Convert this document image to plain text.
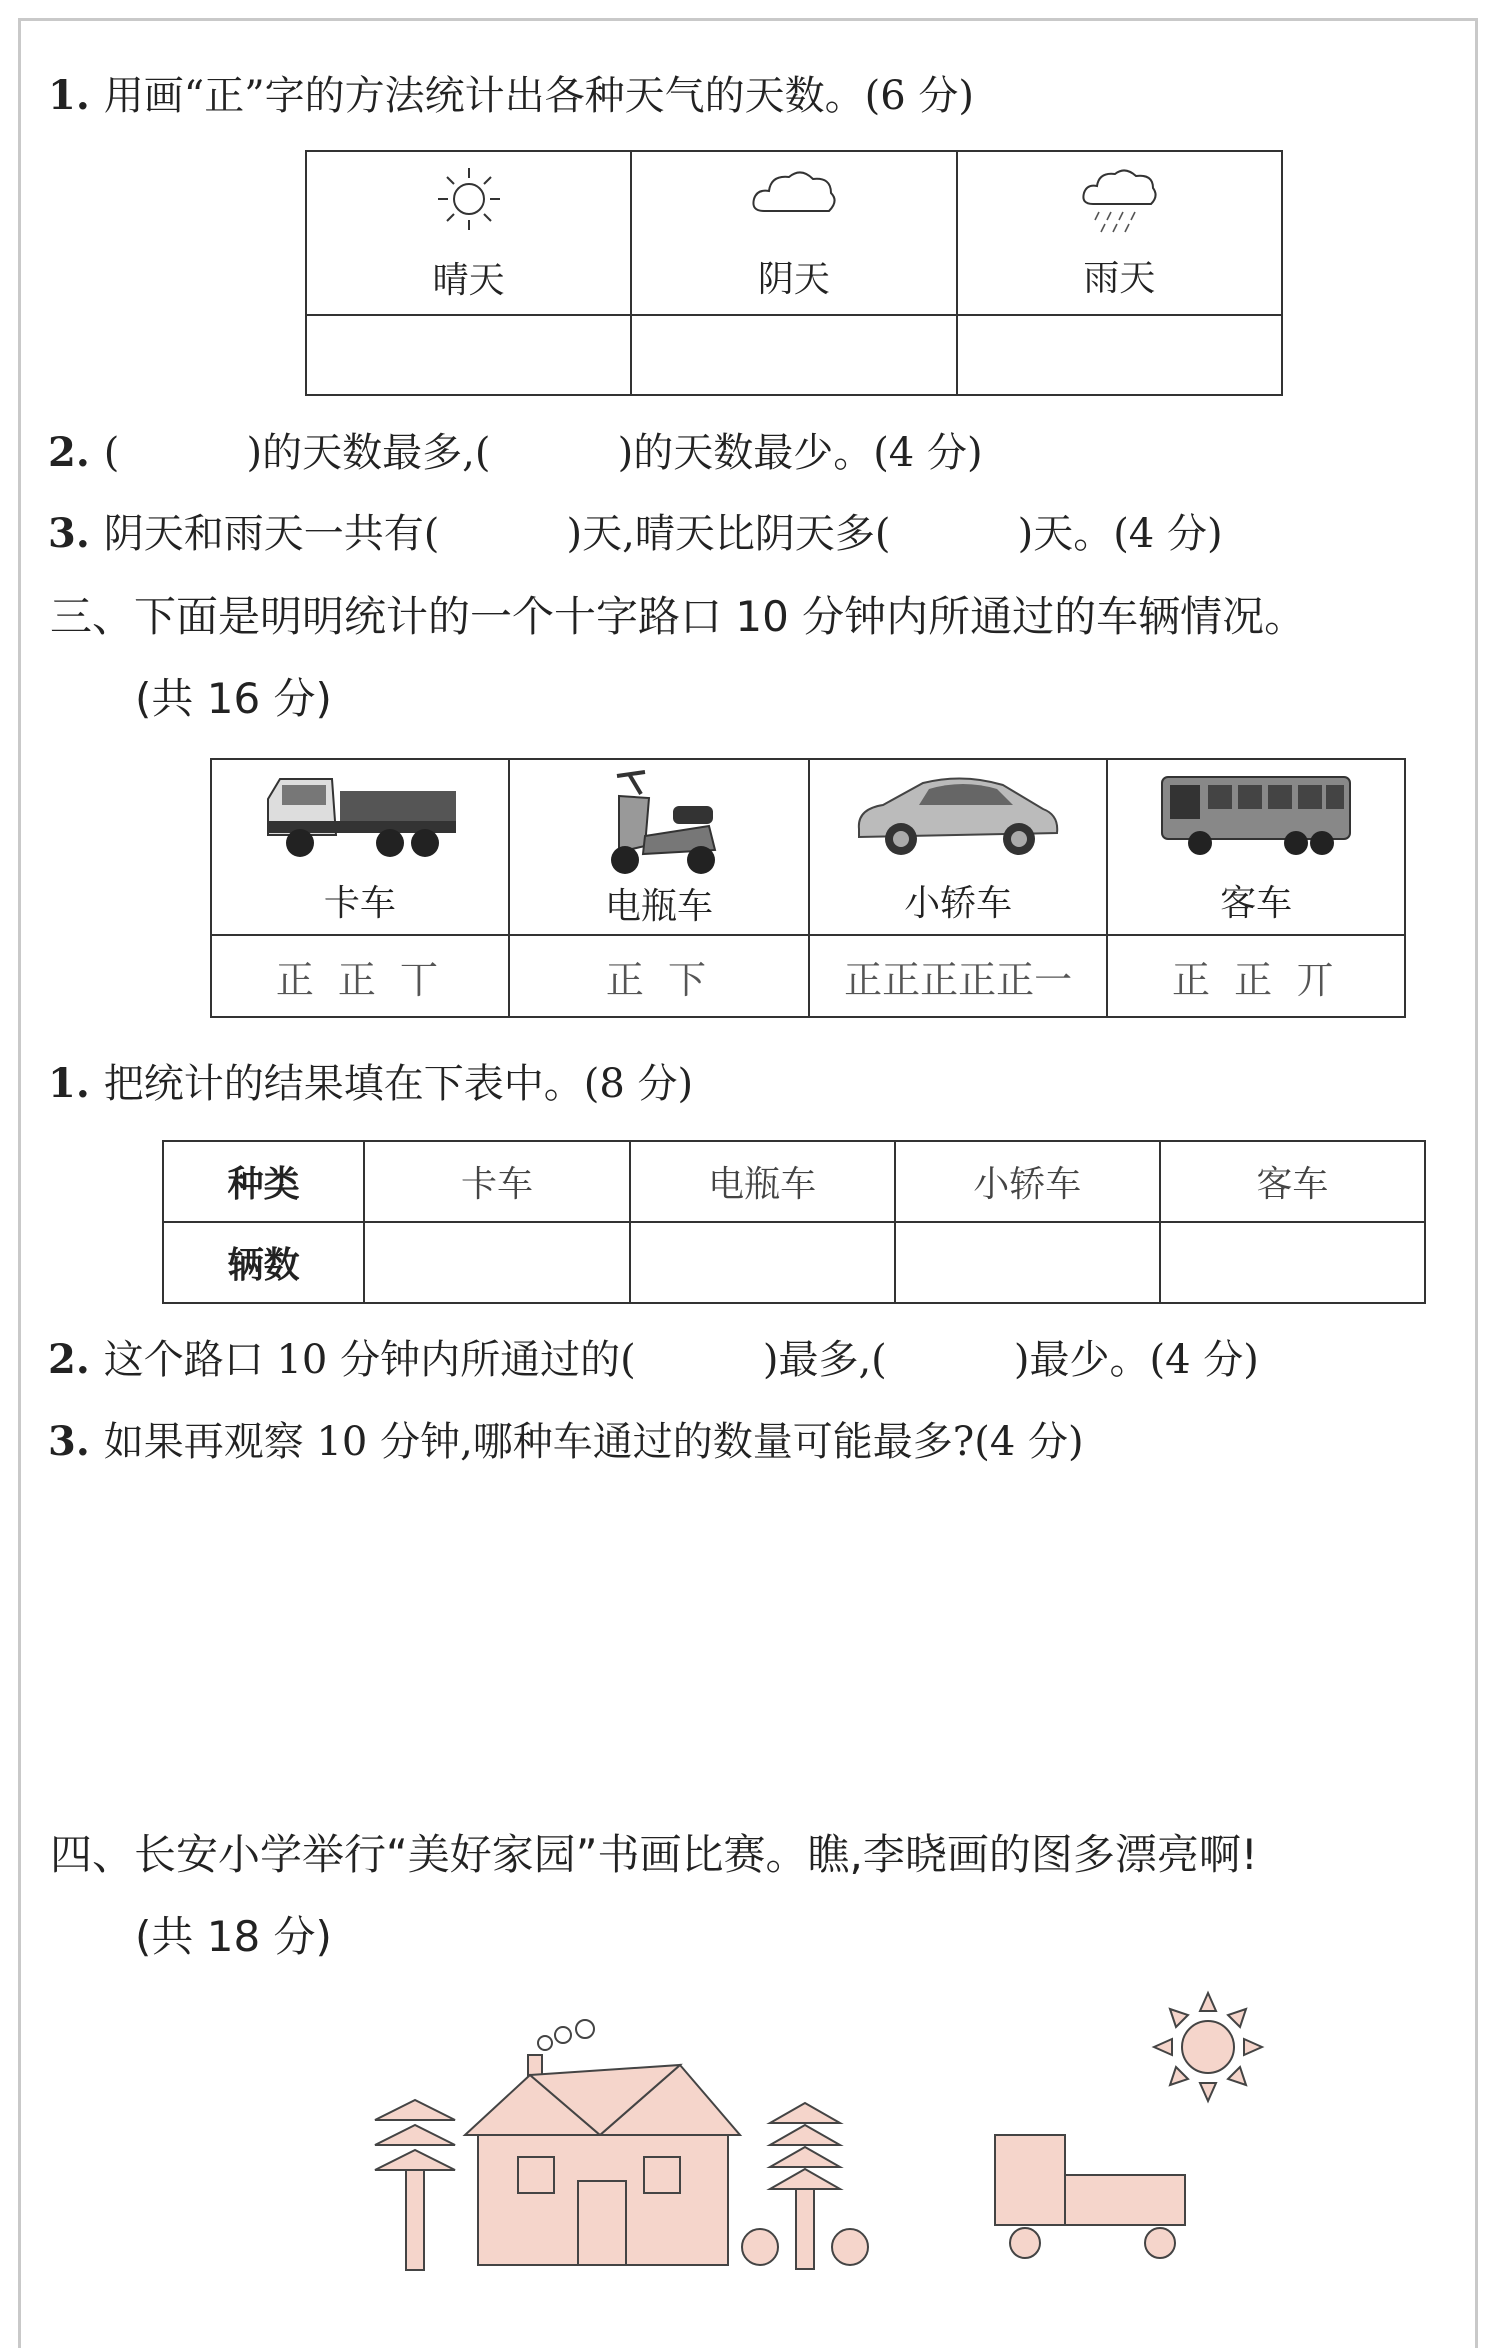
1. 用画“正”字的方法统计出各种天气的天数。(6 分)
晴天	阴天	雨天

2. (          )的天数最多,(          )的天数最少。(4 分)
3. 阴天和雨天一共有(          )天,晴天比阴天多(          )天。(4 分)
三、下面是明明统计的一个十字路口 10 分钟内所通过的车辆情况。
(共 16 分)
卡车	电瓶车	小轿车	客车

正 正 丅	正 下	正正正正正一	正 正 丌
1. 把统计的结果填在下表中。(8 分)
种类	卡车	电瓶车	小轿车	客车
辆数				
2. 这个路口 10 分钟内所通过的(          )最多,(          )最少。(4 分)
3. 如果再观察 10 分钟,哪种车通过的数量可能最多?(4 分)
四、长安小学举行“美好家园”书画比赛。瞧,李晓画的图多漂亮啊!
(共 18 分)
